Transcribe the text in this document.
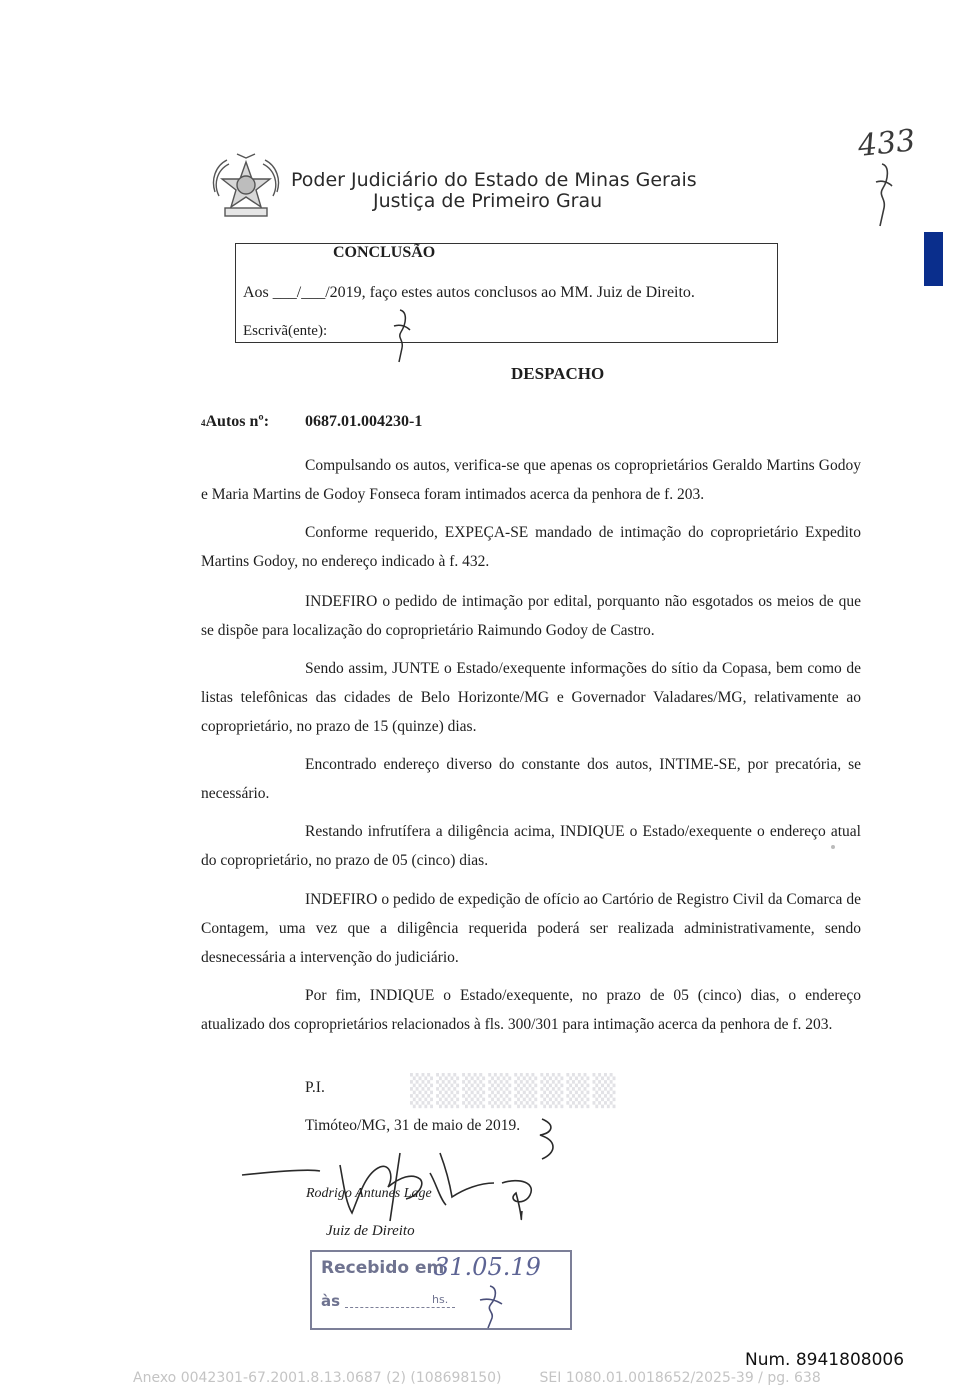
Poder Judiciário do Estado de Minas Gerais
Justiça de Primeiro Grau
433
CONCLUSÃO
Aos ___/___/2019, faço estes autos conclusos ao MM. Juiz de Direito.
Escrivã(ente):
DESPACHO
4Autos nº: 0687.01.004230-1
Compulsando os autos, verifica-se que apenas os coproprietários Geraldo Martins Godoy e Maria Martins de Godoy Fonseca foram intimados acerca da penhora de f. 203.
Conforme requerido, EXPEÇA-SE mandado de intimação do coproprietário Expedito Martins Godoy, no endereço indicado à f. 432.
INDEFIRO o pedido de intimação por edital, porquanto não esgotados os meios de que se dispõe para localização do coproprietário Raimundo Godoy de Castro.
Sendo assim, JUNTE o Estado/exequente informações do sítio da Copasa, bem como de listas telefônicas das cidades de Belo Horizonte/MG e Governador Valadares/MG, relativamente ao coproprietário, no prazo de 15 (quinze) dias.
Encontrado endereço diverso do constante dos autos, INTIME-SE, por precatória, se necessário.
Restando infrutífera a diligência acima, INDIQUE o Estado/exequente o endereço atual do coproprietário, no prazo de 05 (cinco) dias.
INDEFIRO o pedido de expedição de ofício ao Cartório de Registro Civil da Comarca de Contagem, uma vez que a diligência requerida poderá ser realizada administrativamente, sendo desnecessária a intervenção do judiciário.
Por fim, INDIQUE o Estado/exequente, no prazo de 05 (cinco) dias, o endereço atualizado dos coproprietários relacionados à fls. 300/301 para intimação acerca da penhora de f. 203.
P.I.	▒▒▒▒▒▒▒▒
Timóteo/MG, 31 de maio de 2019.
Rodrigo Antunes Lage
Juiz de Direito
Recebido em
31.05.19
às	hs.
Num. 8941808006
Anexo 0042301-67.2001.8.13.0687 (2) (108698150)	SEI 1080.01.0018652/2025-39 / pg. 638
